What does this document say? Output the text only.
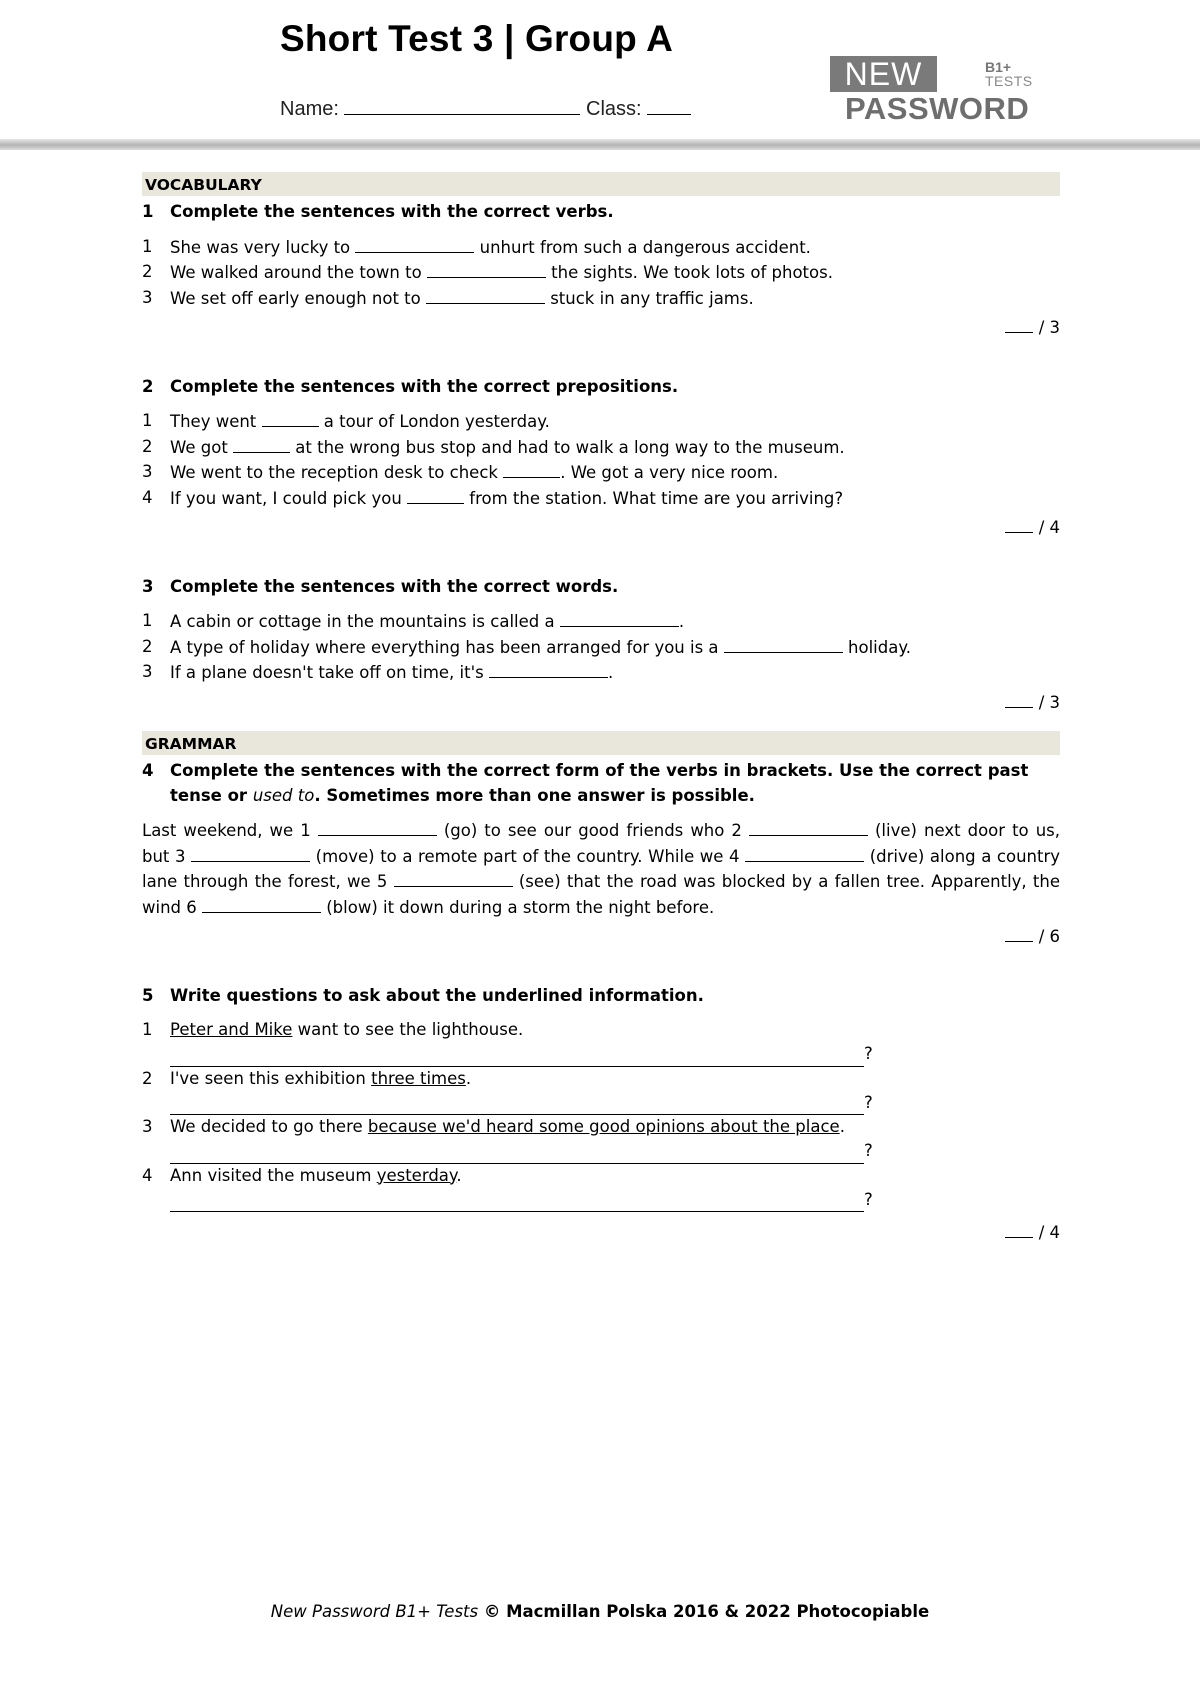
Short Test 3 | Group A
Name:	Class:
NEW	B1+
TESTS
PASSWORD
VOCABULARY
1	Complete the sentences with the correct verbs.
1	She was very lucky to	unhurt from such a dangerous accident.
2	We walked around the town to	the sights. We took lots of photos.
3	We set off early enough not to	stuck in any traffic jams.
/ 3
2	Complete the sentences with the correct prepositions.
1	They went	a tour of London yesterday.
2	We got	at the wrong bus stop and had to walk a long way to the museum.
3	We went to the reception desk to check	. We got a very nice room.
4	If you want, I could pick you	from the station. What time are you arriving?
/ 4
3	Complete the sentences with the correct words.
1	A cabin or cottage in the mountains is called a	.
2	A type of holiday where everything has been arranged for you is a	holiday.
3	If a plane doesn't take off on time, it's	.
/ 3
GRAMMAR
4	Complete the sentences with the correct form of the verbs in brackets. Use the correct past tense or used to. Sometimes more than one answer is possible.
Last weekend, we 1	(go) to see our good friends who 2	(live) next door to us, but 3	(move) to a remote part of the country. While we 4	(drive) along a country lane through the forest, we 5	(see) that the road was blocked by a fallen tree. Apparently, the wind 6	(blow) it down during a storm the night before.
/ 6
5	Write questions to ask about the underlined information.
1	Peter and Mike want to see the lighthouse.
?
2	I've seen this exhibition three times.
?
3	We decided to go there because we'd heard some good opinions about the place.
?
4	Ann visited the museum yesterday.
?
/ 4
New Password B1+ Tests © Macmillan Polska 2016 & 2022 Photocopiable
